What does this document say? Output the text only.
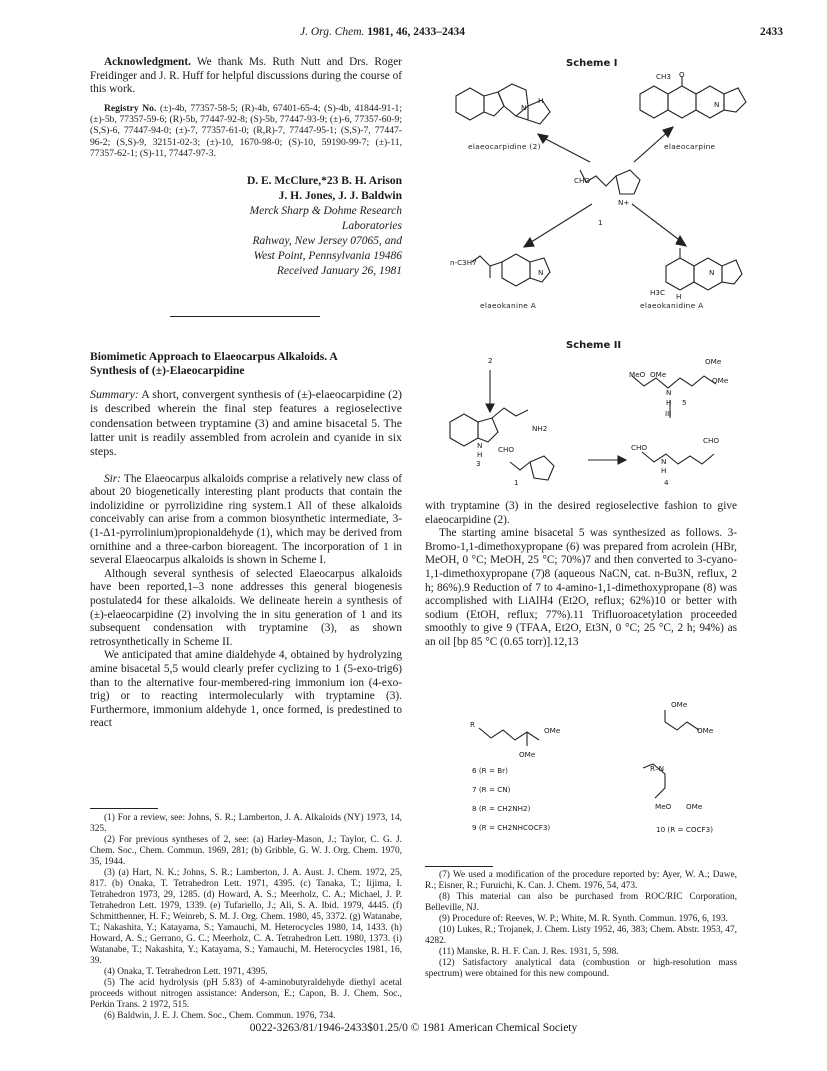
J. Org. Chem. 1981, 46, 2433–2434	2433

Acknowledgment. We thank Ms. Ruth Nutt and Drs. Roger Freidinger and J. R. Huff for helpful discussions during the course of this work.

Registry No. (±)-4b, 77357-58-5; (R)-4b, 67401-65-4; (S)-4b, 41844-91-1; (±)-5b, 77357-59-6; (R)-5b, 77447-92-8; (S)-5b, 77447-93-9; (±)-6, 77357-60-9; (S,S)-6, 77447-94-0; (±)-7, 77357-61-0; (R,R)-7, 77447-95-1; (S,S)-7, 77447-96-2; (S,S)-9, 32151-02-3; (±)-10, 1670-98-0; (S)-10, 59190-99-7; (±)-11, 77357-62-1; (S)-11, 77447-97-3.

D. E. McClure,*23 B. H. Arison

J. H. Jones, J. J. Baldwin

Merck Sharp & Dohme Research

Laboratories

Rahway, New Jersey 07065, and

West Point, Pennsylvania 19486

Received January 26, 1981

Biomimetic Approach to Elaeocarpus Alkaloids. A

Synthesis of (±)-Elaeocarpidine

Summary: A short, convergent synthesis of (±)-elaeocarpidine (2) is described wherein the final step features a regioselective condensation between tryptamine (3) and amine bisacetal 5. The latter unit is readily assembled from acrolein and cyanide in six steps.

Sir: The Elaeocarpus alkaloids comprise a relatively new class of about 20 biogenetically interesting plant products that contain the indolizidine or pyrrolizidine ring system.1 All of these alkaloids conceivably can arise from a common biosynthetic intermediate, 3-(1-Δ1-pyrrolinium)propionaldehyde (1), which may be derived from ornithine and a three-carbon bioreagent. The incorporation of 1 in several Elaeocarpus alkaloids is shown in Scheme I.

Although several synthesis of selected Elaeocarpus alkaloids have been reported,1–3 none addresses this general biogenesis postulated4 for these alkaloids. We delineate herein a synthesis of (±)-elaeocarpidine (2) involving the in situ generation of 1 and its subsequent condensation with tryptamine (3), as shown retrosynthetically in Scheme II.

We anticipated that amine dialdehyde 4, obtained by hydrolyzing amine bisacetal 5,5 would clearly prefer cyclizing to 1 (5-exo-trig6) than to the alternative four-membered-ring immonium ion (4-exo-trig) or to reacting intermolecularly with tryptamine (3). Furthermore, immonium aldehyde 1, once formed, is predestined to react

(1) For a review, see: Johns, S. R.; Lamberton, J. A. Alkaloids (NY) 1973, 14, 325.

(2) For previous syntheses of 2, see: (a) Harley-Mason, J.; Taylor, C. G. J. Chem. Soc., Chem. Commun. 1969, 281; (b) Gribble, G. W. J. Org. Chem. 1970, 35, 1944.

(3) (a) Hart, N. K.; Johns, S. R.; Lamberton, J. A. Aust. J. Chem. 1972, 25, 817. (b) Onaka, T. Tetrahedron Lett. 1971, 4395. (c) Tanaka, T.; Iijima, I. Tetrahedron 1973, 29, 1285. (d) Howard, A. S.; Meerholz, C. A.; Michael, J. P. Tetrahedron Lett. 1979, 1339. (e) Tufariello, J.; Ali, S. A. Ibid. 1979, 4445. (f) Schmitthenner, H. F.; Weinreb, S. M. J. Org. Chem. 1980, 45, 3372. (g) Watanabe, T.; Nakashita, Y.; Katayama, S.; Yamauchi, M. Heterocycles 1980, 14, 1433. (h) Howard, A. S.; Gerrano, G. C.; Meerholz, C. A. Tetrahedron Lett. 1980, 1373. (i) Watanabe, T.; Nakashita, Y.; Katayama, S.; Yamauchi, M. Heterocycles 1981, 16, 39.

(4) Onaka, T. Tetrahedron Lett. 1971, 4395.

(5) The acid hydrolysis (pH 5.83) of 4-aminobutyraldehyde diethyl acetal proceeds without nitrogen assistance: Anderson, E.; Capon, B. J. Chem. Soc., Perkin Trans. 2 1972, 515.

(6) Baldwin, J. E. J. Chem. Soc., Chem. Commun. 1976, 734.

Scheme I
N
H
elaeocarpidine (2)
CH3 O
N
elaeocarpine
CHO
N+
1
n-C3H7
N
elaeokanine A
H3C
N
H
elaeokanidine A
Scheme II
2
MeO OMe
OMe
OMe
N
H 5
III
NH2
N
H
3
CHO
1
CHO
CHO
N
H
4

with tryptamine (3) in the desired regioselective fashion to give elaeocarpidine (2).

The starting amine bisacetal 5 was synthesized as follows. 3-Bromo-1,1-dimethoxypropane (6) was prepared from acrolein (HBr, MeOH, 0 °C; MeOH, 25 °C; 70%)7 and then converted to 3-cyano-1,1-dimethoxypropane (7)8 (aqueous NaCN, cat. n-Bu3N, reflux, 2 h; 86%).9 Reduction of 7 to 4-amino-1,1-dimethoxypropane (8) was accomplished with LiAlH4 (Et2O, reflux; 62%)10 or better with sodium (EtOH, reflux; 77%).11 Trifluoroacetylation proceeded smoothly to give 9 (TFAA, Et2O, Et3N, 0 °C; 25 °C, 2 h; 94%) as an oil [bp 85 °C (0.65 torr)].12,13

R
OMe
OMe
OMe
OMe
R–N
MeO OMe
6 (R = Br)
7 (R = CN)
8 (R = CH2NH2)
9 (R = CH2NHCOCF3)	10 (R = COCF3)

(7) We used a modification of the procedure reported by: Ayer, W. A.; Dawe, R.; Eisner, R.; Furuichi, K. Can. J. Chem. 1976, 54, 473.

(8) This material can also be purchased from ROC/RIC Corporation, Belleville, NJ.

(9) Procedure of: Reeves, W. P.; White, M. R. Synth. Commun. 1976, 6, 193.

(10) Lukes, R.; Trojanek, J. Chem. Listy 1952, 46, 383; Chem. Abstr. 1953, 47, 4282.

(11) Manske, R. H. F. Can. J. Res. 1931, 5, 598.

(12) Satisfactory analytical data (combustion or high-resolution mass spectrum) were obtained for this new compound.

0022-3263/81/1946-2433$01.25/0 © 1981 American Chemical Society
